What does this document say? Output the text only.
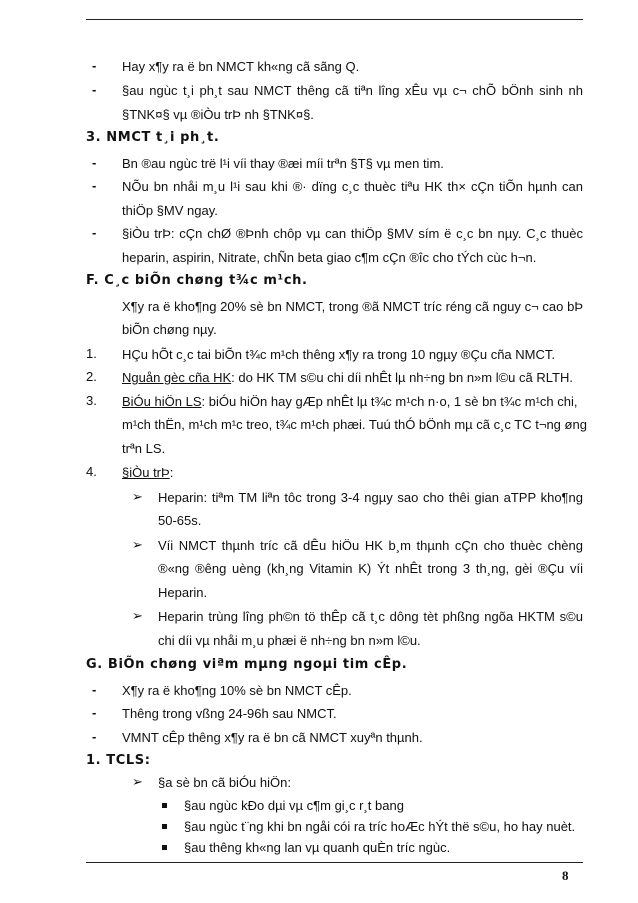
- Hay x¶y ra ë bn NMCT kh«ng cã sãng Q.
- §au ngùc t¸i ph¸t sau NMCT thêng cã tiªn lîng xÊu vµ c¬ chÕ bÖnh sinh nh
§TNK¤§ vµ ®iÒu trÞ nh §TNK¤§.
3. NMCT t¸i ph¸t.
- Bn ®au ngùc trë l¹i víi thay ®æi míi trªn §T§ vµ men tim.
- NÕu bn nhåi m¸u l¹i sau khi ®· dïng c¸c thuèc tiªu HK th× cÇn tiÕn hµnh can
thiÖp §MV ngay.
- §iÒu trÞ: cÇn chØ ®Þnh chôp vµ can thiÖp §MV sím ë c¸c bn nµy. C¸c thuèc
heparin, aspirin, Nitrate, chÑn beta giao c¶m cÇn ®îc cho tÝch cùc h¬n.
F. C¸c biÕn chøng t¾c m¹ch.
X¶y ra ë kho¶ng 20% sè bn NMCT, trong ®ã NMCT tríc réng cã nguy c¬ cao bÞ
biÕn chøng nµy.
1. HÇu hÕt c¸c tai biÕn t¾c m¹ch thêng x¶y ra trong 10 ngµy ®Çu cña NMCT.
2. Nguån gèc cña HK: do HK TM s©u chi díi nhÊt lµ nh÷ng bn n»m l©u cã RLTH.
3. BiÓu hiÖn LS: biÓu hiÖn hay gÆp nhÊt lµ t¾c m¹ch n·o, 1 sè bn t¾c m¹ch chi,
m¹ch thËn, m¹ch m¹c treo, t¾c m¹ch phæi. Tuú thÓ bÖnh mµ cã c¸c TC t¬ng øng
trªn LS.
4. §iÒu trÞ:
➢ Heparin: tiªm TM liªn tôc trong 3-4 ngµy sao cho thêi gian aTPP kho¶ng
50-65s.
➢ Víi NMCT thµnh tríc cã dÊu hiÖu HK b¸m thµnh cÇn cho thuèc chèng
®«ng ®êng uèng (kh¸ng Vitamin K) Ýt nhÊt trong 3 th¸ng, gèi ®Çu víi
Heparin.
➢ Heparin trùng lîng ph©n tö thÊp cã t¸c dông tèt phßng ngõa HKTM s©u
chi díi vµ nhåi m¸u phæi ë nh÷ng bn n»m l©u.
G. BiÕn chøng viªm mµng ngoµi tim cÊp.
- X¶y ra ë kho¶ng 10% sè bn NMCT cÊp.
- Thêng trong vßng 24-96h sau NMCT.
- VMNT cÊp thêng x¶y ra ë bn cã NMCT xuyªn thµnh.
1. TCLS:
8
➢ §a sè bn cã biÓu hiÖn:
§au ngùc kÐo dµi vµ c¶m gi¸c r¸t bang
§au ngùc t¨ng khi bn ngåi cói ra tríc hoÆc hÝt thë s©u, ho hay nuèt.
§au thêng kh«ng lan vµ quanh quÈn tríc ngùc.
